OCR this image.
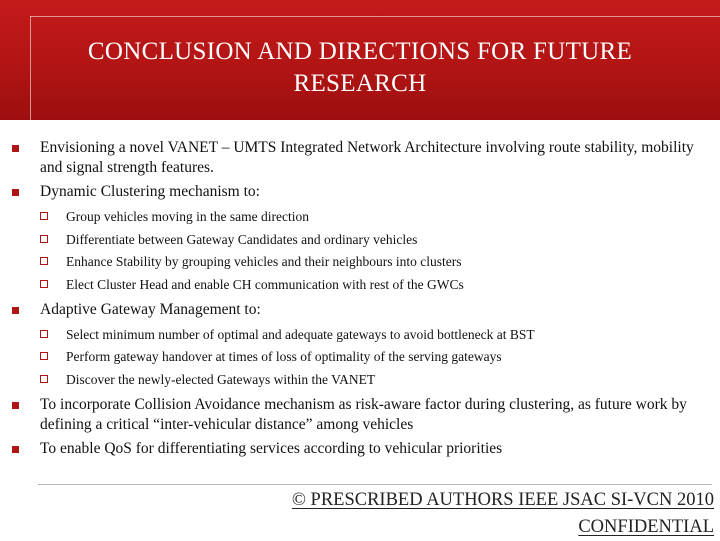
CONCLUSION AND DIRECTIONS FOR FUTURE RESEARCH
Envisioning a novel VANET – UMTS Integrated Network Architecture involving route stability, mobility and signal strength features.
Dynamic Clustering mechanism to:
Group vehicles moving in the same direction
Differentiate between Gateway Candidates and ordinary vehicles
Enhance Stability by grouping vehicles and their neighbours into clusters
Elect Cluster Head and enable CH communication with rest of the GWCs
Adaptive Gateway Management to:
Select minimum number of optimal and adequate gateways to avoid bottleneck at BST
Perform gateway handover at times of loss of optimality of the serving gateways
Discover the newly-elected Gateways within the VANET
To incorporate Collision Avoidance mechanism as risk-aware factor during clustering, as future work by defining a critical “inter-vehicular distance” among vehicles
To enable QoS for differentiating services according to vehicular priorities
© PRESCRIBED AUTHORS IEEE JSAC SI-VCN 2010
CONFIDENTIAL
